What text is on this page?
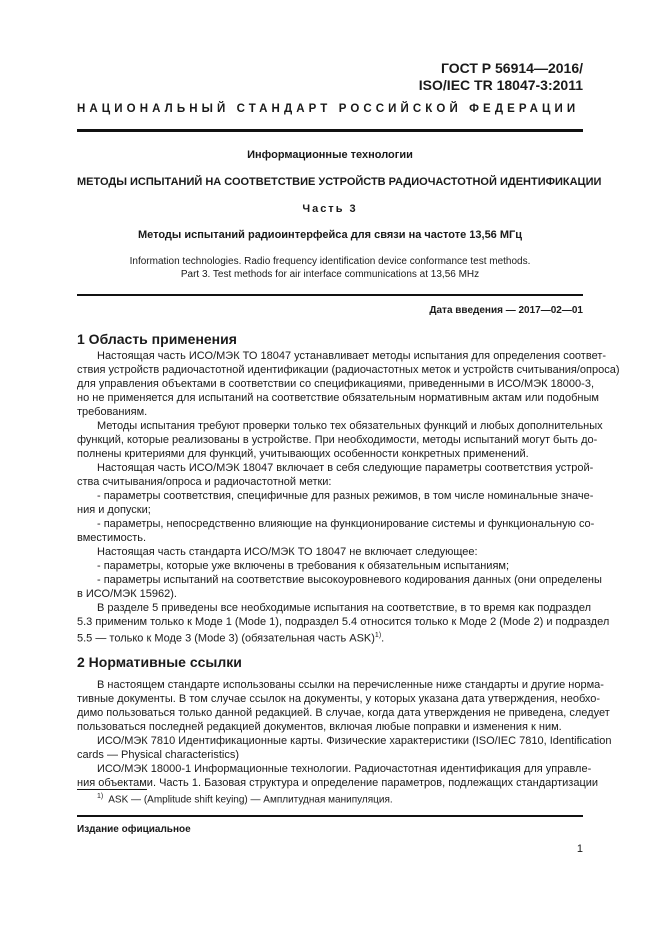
ГОСТ Р 56914—2016/
ISO/IEC TR 18047-3:2011
НАЦИОНАЛЬНЫЙ СТАНДАРТ РОССИЙСКОЙ ФЕДЕРАЦИИ
Информационные технологии
МЕТОДЫ ИСПЫТАНИЙ НА СООТВЕТСТВИЕ УСТРОЙСТВ РАДИОЧАСТОТНОЙ ИДЕНТИФИКАЦИИ
Часть 3
Методы испытаний радиоинтерфейса для связи на частоте 13,56 МГц
Information technologies. Radio frequency identification device conformance test methods.
Part 3. Test methods for air interface communications at 13,56 MHz
Дата введения — 2017—02—01
1 Область применения
Настоящая часть ИСО/МЭК ТО 18047 устанавливает методы испытания для определения соответ-
ствия устройств радиочастотной идентификации (радиочастотных меток и устройств считывания/опроса)
для управления объектами в соответствии со спецификациями, приведенными в ИСО/МЭК 18000-3,
но не применяется для испытаний на соответствие обязательным нормативным актам или подобным
требованиям.
Методы испытания требуют проверки только тех обязательных функций и любых дополнительных
функций, которые реализованы в устройстве. При необходимости, методы испытаний могут быть до-
полнены критериями для функций, учитывающих особенности конкретных применений.
Настоящая часть ИСО/МЭК 18047 включает в себя следующие параметры соответствия устрой-
ства считывания/опроса и радиочастотной метки:
- параметры соответствия, специфичные для разных режимов, в том числе номинальные значе-
ния и допуски;
- параметры, непосредственно влияющие на функционирование системы и функциональную со-
вместимость.
Настоящая часть стандарта ИСО/МЭК ТО 18047 не включает следующее:
- параметры, которые уже включены в требования к обязательным испытаниям;
- параметры испытаний на соответствие высокоуровневого кодирования данных (они определены
в ИСО/МЭК 15962).
В разделе 5 приведены все необходимые испытания на соответствие, в то время как подраздел
5.3 применим только к Моде 1 (Mode 1), подраздел 5.4 относится только к Моде 2 (Mode 2) и подраздел
5.5 — только к Моде 3 (Mode 3) (обязательная часть ASK)$^{1)}$.
2 Нормативные ссылки
В настоящем стандарте использованы ссылки на перечисленные ниже стандарты и другие норма-
тивные документы. В том случае ссылок на документы, у которых указана дата утверждения, необхо-
димо пользоваться только данной редакцией. В случае, когда дата утверждения не приведена, следует
пользоваться последней редакцией документов, включая любые поправки и изменения к ним.
ИСО/МЭК 7810 Идентификационные карты. Физические характеристики (ISO/IEC 7810, Identification
cards — Physical characteristics)
ИСО/МЭК 18000-1 Информационные технологии. Радиочастотная идентификация для управле-
ния объектами. Часть 1. Базовая структура и определение параметров, подлежащих стандартизации
$^{1)}$ ASK — (Amplitude shift keying) — Амплитудная манипуляция.
Издание официальное
1
